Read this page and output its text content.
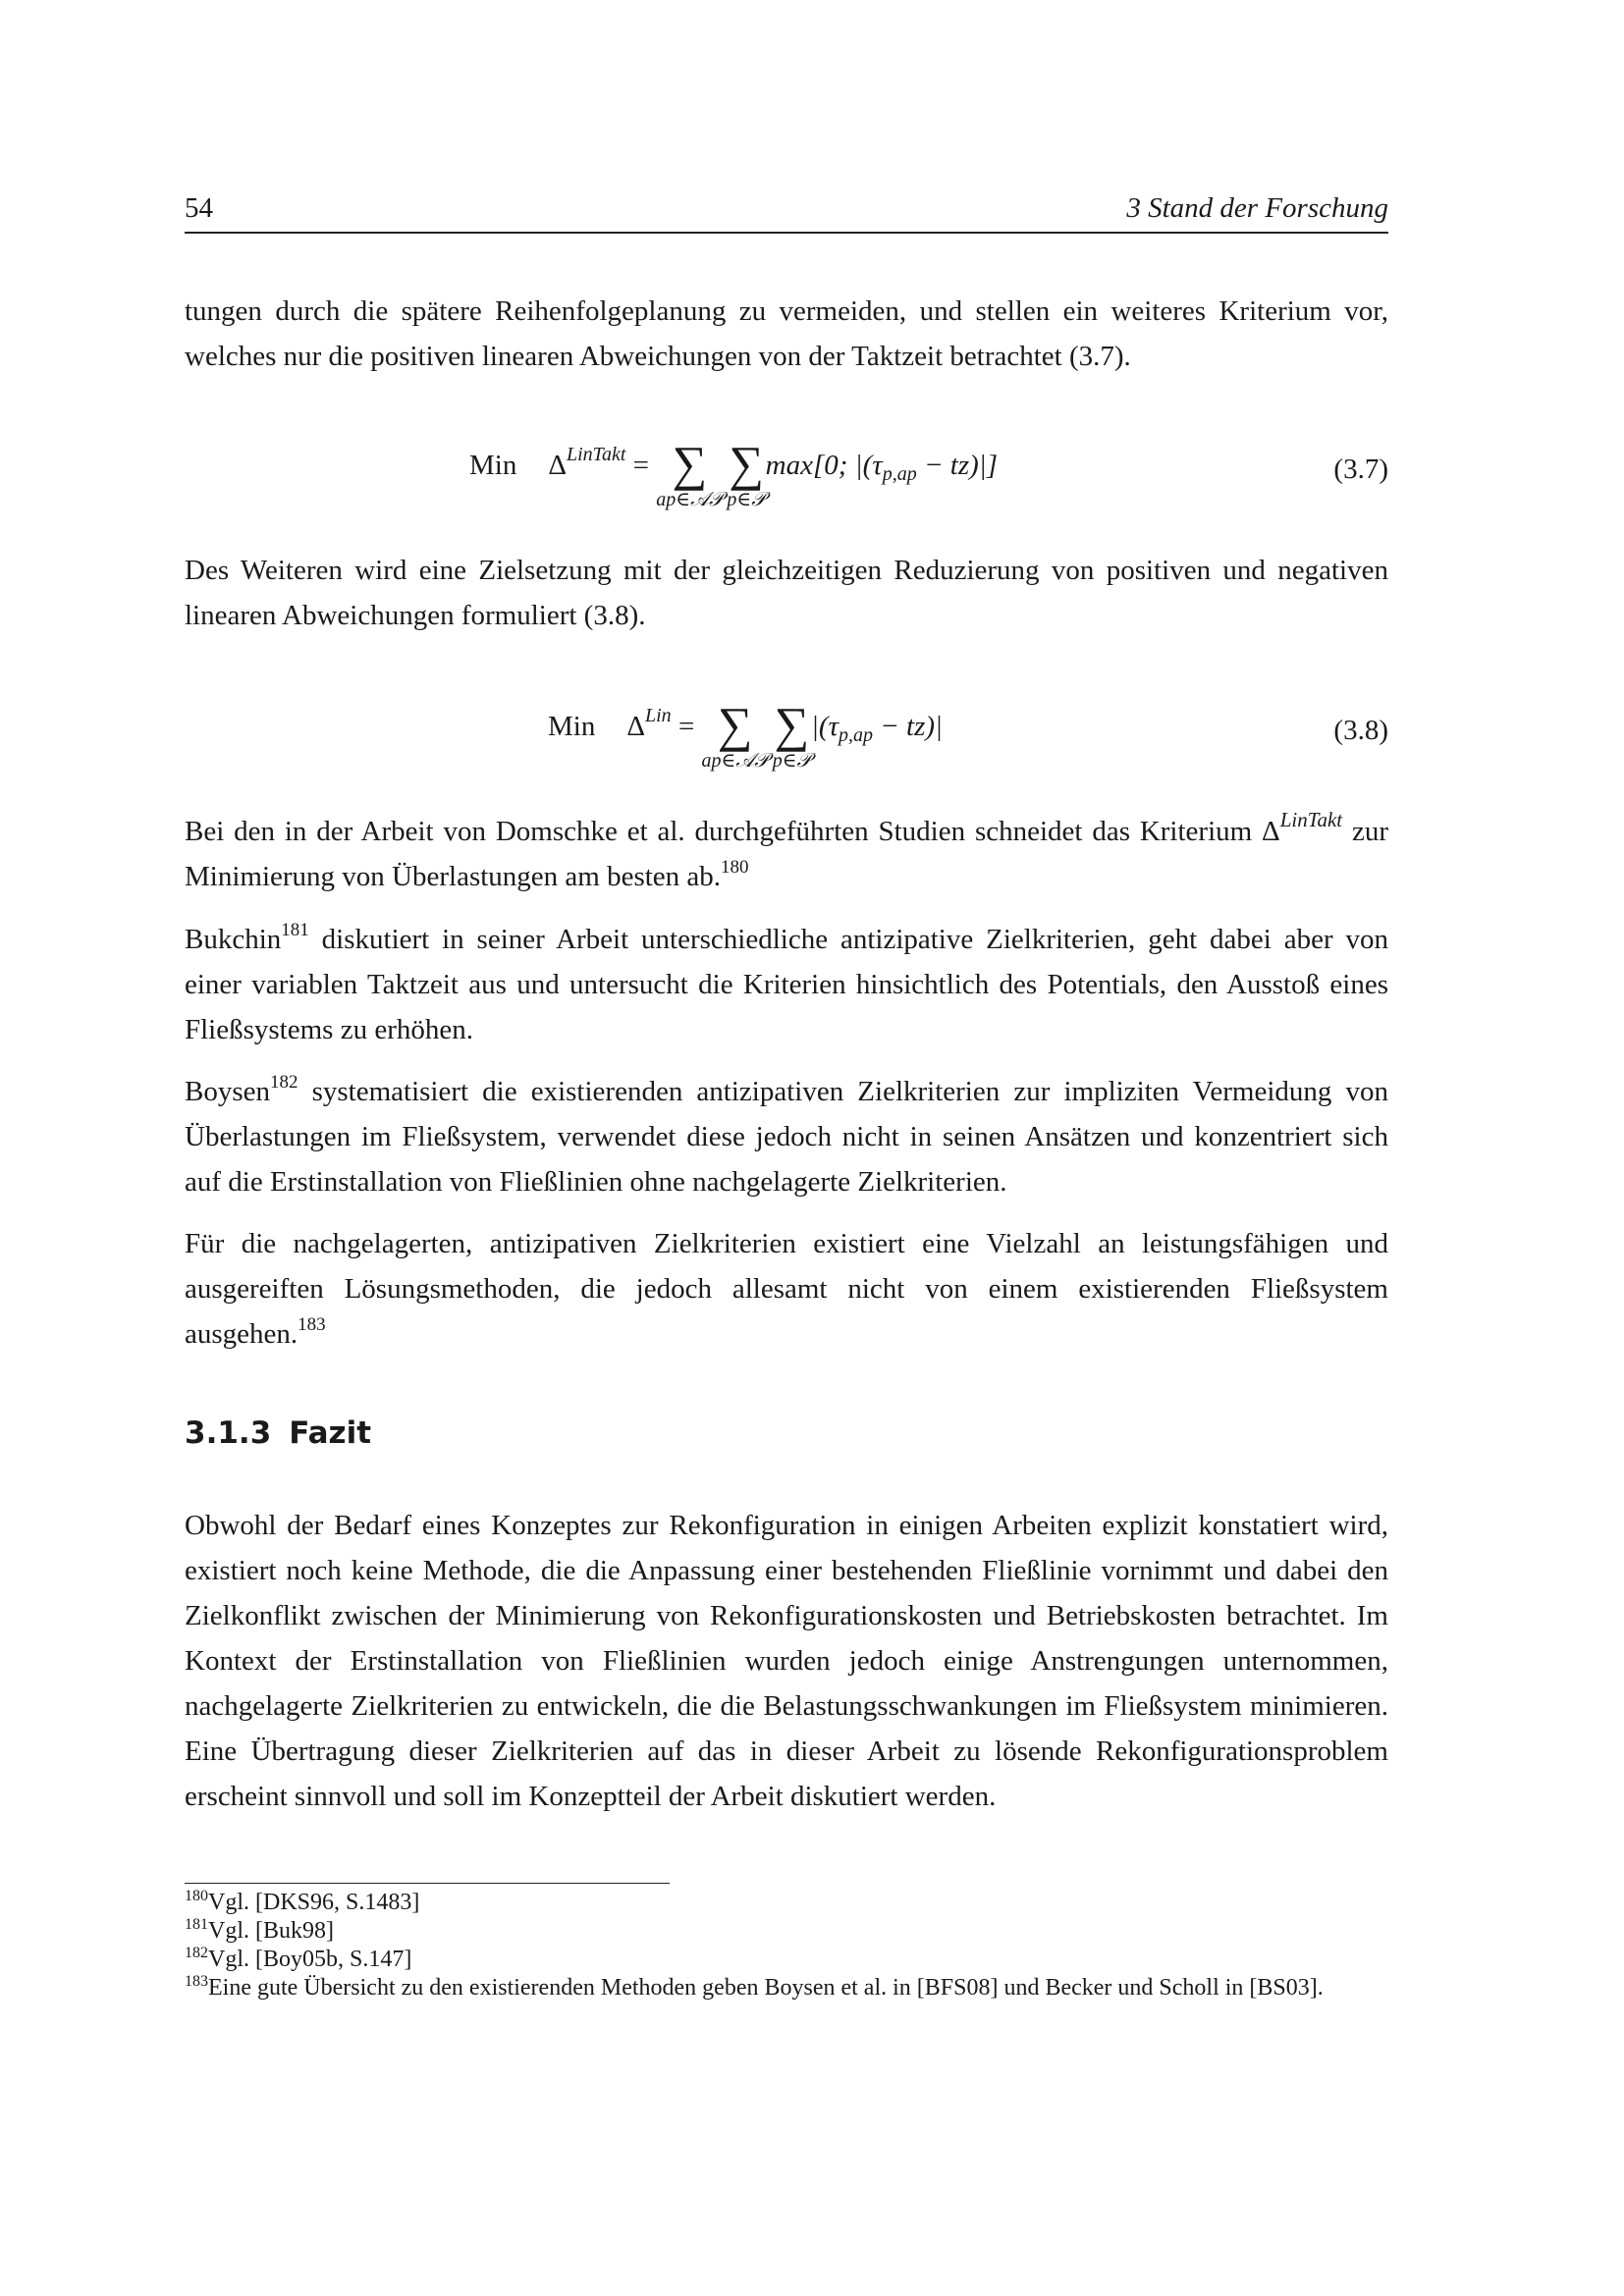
54	3 Stand der Forschung

tungen durch die spätere Reihenfolgeplanung zu vermeiden, und stellen ein weiteres Kriterium vor, welches nur die positiven linearen Abweichungen von der Taktzeit betrachtet (3.7).

Min $\Delta^{LinTakt}$ = ∑
ap∈𝒜𝒫
∑
p∈𝒫
max[0; $|(\tau_{p,ap} - tz)|$]	(3.7)

Des Weiteren wird eine Zielsetzung mit der gleichzeitigen Reduzierung von positiven und negativen linearen Abweichungen formuliert (3.8).

Min $\Delta^{Lin}$ = ∑
ap∈𝒜𝒫
∑
p∈𝒫
$|(\tau_{p,ap} - tz)|$	(3.8)

Bei den in der Arbeit von Domschke et al. durchgeführten Studien schneidet das Kriterium $\Delta^{LinTakt}$ zur Minimierung von Überlastungen am besten ab.$^{180}$

Bukchin$^{181}$ diskutiert in seiner Arbeit unterschiedliche antizipative Zielkriterien, geht dabei aber von einer variablen Taktzeit aus und untersucht die Kriterien hinsichtlich des Potentials, den Ausstoß eines Fließsystems zu erhöhen.

Boysen$^{182}$ systematisiert die existierenden antizipativen Zielkriterien zur impliziten Vermeidung von Überlastungen im Fließsystem, verwendet diese jedoch nicht in seinen Ansätzen und konzentriert sich auf die Erstinstallation von Fließlinien ohne nachgelagerte Zielkriterien.

Für die nachgelagerten, antizipativen Zielkriterien existiert eine Vielzahl an leistungsfähigen und ausgereiften Lösungsmethoden, die jedoch allesamt nicht von einem existierenden Fließsystem ausgehen.$^{183}$

3.1.3 Fazit

Obwohl der Bedarf eines Konzeptes zur Rekonfiguration in einigen Arbeiten explizit konstatiert wird, existiert noch keine Methode, die die Anpassung einer bestehenden Fließlinie vornimmt und dabei den Zielkonflikt zwischen der Minimierung von Rekonfigurationskosten und Betriebskosten betrachtet. Im Kontext der Erstinstallation von Fließlinien wurden jedoch einige Anstrengungen unternommen, nachgelagerte Zielkriterien zu entwickeln, die die Belastungsschwankungen im Fließsystem minimieren. Eine Übertragung dieser Zielkriterien auf das in dieser Arbeit zu lösende Rekonfigurationsproblem erscheint sinnvoll und soll im Konzeptteil der Arbeit diskutiert werden.

$^{180}$Vgl. [DKS96, S.1483]
$^{181}$Vgl. [Buk98]
$^{182}$Vgl. [Boy05b, S.147]
$^{183}$Eine gute Übersicht zu den existierenden Methoden geben Boysen et al. in [BFS08] und Becker und Scholl in [BS03].
